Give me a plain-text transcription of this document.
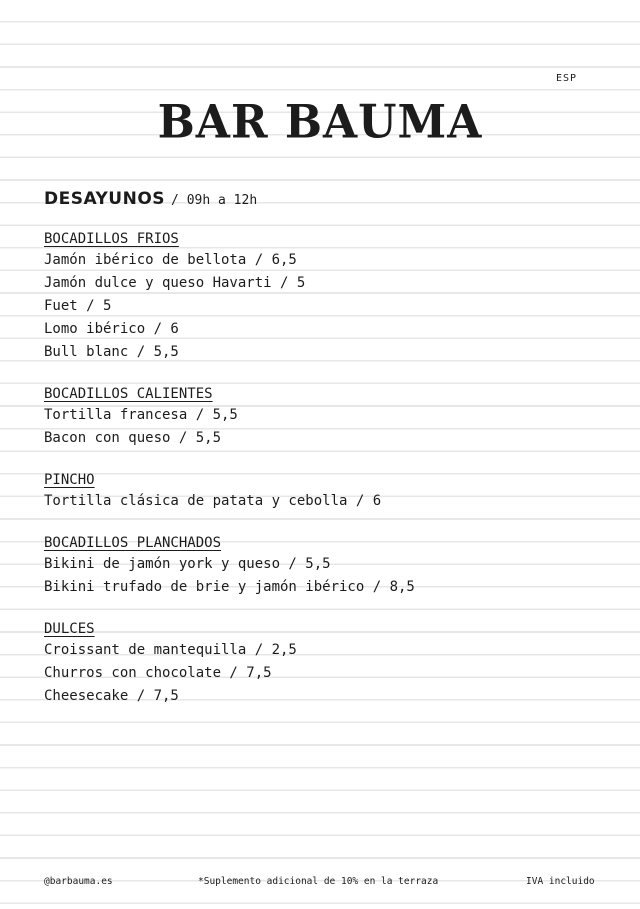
ESP
BAR BAUMA
DESAYUNOS / 09h a 12h
BOCADILLOS FRIOS
Jamón ibérico de bellota / 6,5
Jamón dulce y queso Havarti / 5
Fuet / 5
Lomo ibérico / 6
Bull blanc / 5,5
BOCADILLOS CALIENTES
Tortilla francesa / 5,5
Bacon con queso / 5,5
PINCHO
Tortilla clásica de patata y cebolla / 6
BOCADILLOS PLANCHADOS
Bikini de jamón york y queso / 5,5
Bikini trufado de brie y jamón ibérico / 8,5
DULCES
Croissant de mantequilla / 2,5
Churros con chocolate / 7,5
Cheesecake / 7,5
@barbauma.es	*Suplemento adicional de 10% en la terraza	IVA incluido
